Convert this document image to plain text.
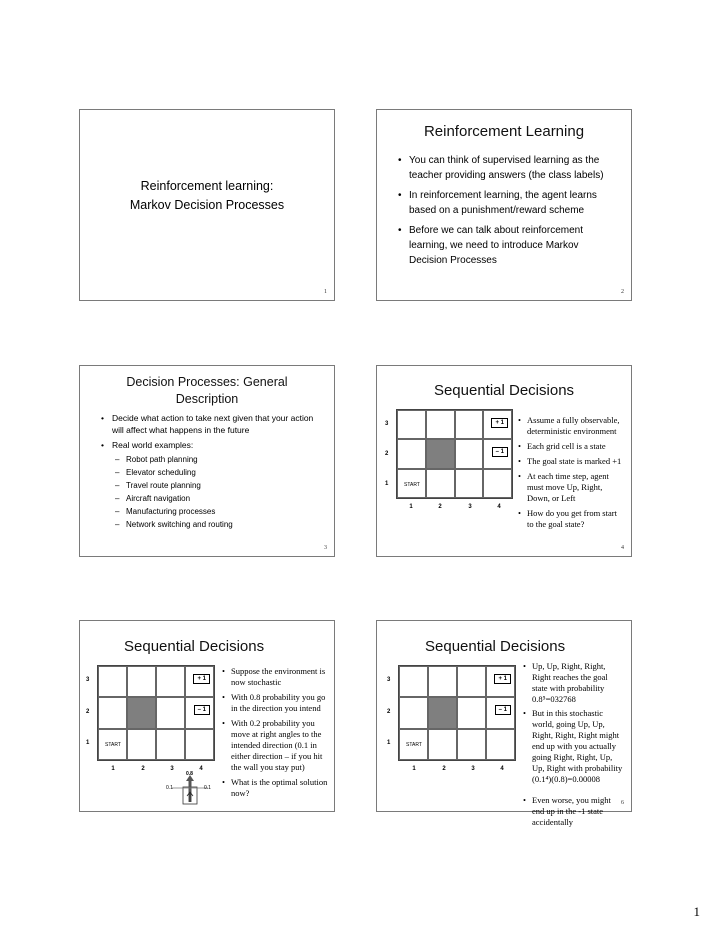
Reinforcement learning:
Markov Decision Processes
1
Reinforcement Learning
• You can think of supervised learning as the teacher providing answers (the class labels)
• In reinforcement learning, the agent learns based on a punishment/reward scheme
• Before we can talk about reinforcement learning, we need to introduce Markov Decision Processes
2
Decision Processes: General
Description
• Decide what action to take next given that your action will affect what happens in the future
• Real world examples:
– Robot path planning
– Elevator scheduling
– Travel route planning
– Aircraft navigation
– Manufacturing processes
– Network switching and routing
3
Sequential Decisions
+ 1
– 1
START
3
2
1
1	2	3	4
• Assume a fully observable, deterministic environment
• Each grid cell is a state
• The goal state is marked +1
• At each time step, agent must move Up, Right, Down, or Left
• How do you get from start to the goal state?
4
Sequential Decisions
+ 1
– 1
START
3
2
1
1	2	3	4
0.8
0.1	0.1
• Suppose the environment is now stochastic
• With 0.8 probability you go in the direction you intend
• With 0.2 probability you move at right angles to the intended direction (0.1 in either direction – if you hit the wall you stay put)
• What is the optimal solution now?
Sequential Decisions
+ 1
– 1
START
3
2
1
1	2	3	4
• Up, Up, Right, Right, Right reaches the goal state with probability 0.8⁵=032768
• But in this stochastic world, going Up, Up, Right, Right, Right might end up with you actually going Right, Right, Up, Up, Right with probability (0.1⁴)(0.8)=0.00008
• Even worse, you might end up in the -1 state accidentally
6
1
